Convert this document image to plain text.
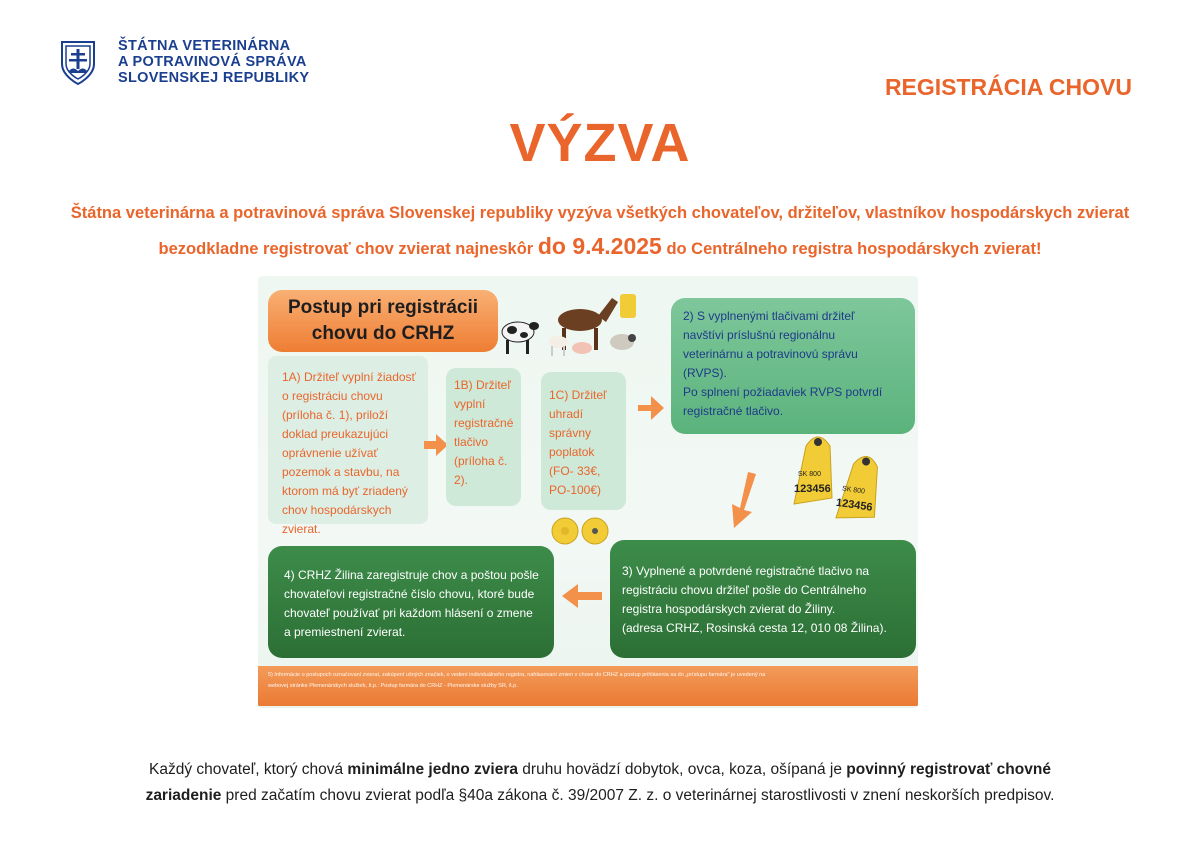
ŠTÁTNA VETERINÁRNA
A POTRAVINOVÁ SPRÁVA
SLOVENSKEJ REPUBLIKY	REGISTRÁCIA CHOVU
VÝZVA
Štátna veterinárna a potravinová správa Slovenskej republiky vyzýva všetkých chovateľov, držiteľov, vlastníkov hospodárskych zvierat
bezodkladne registrovať chov zvierat najneskôr do 9.4.2025 do Centrálneho registra hospodárskych zvierat!
Postup pri registrácii
chovu do CRHZ
1A) Držiteľ vyplní žiadosť
o registráciu chovu
(príloha č. 1), priloží
doklad preukazujúci
oprávnenie užívať
pozemok a stavbu, na
ktorom má byť zriadený
chov hospodárskych
zvierat.
1B) Držiteľ
vyplní
registračné
tlačivo
(príloha č.
2).
1C) Držiteľ
uhradí
správny
poplatok
(FO- 33€,
PO-100€)
2) S vyplnenými tlačivami držiteľ
navštívi príslušnú regionálnu
veterinárnu a potravinovú správu
(RVPS).
Po splnení požiadaviek RVPS potvrdí
registračné tlačivo.
SK 800
123456 SK 800
123456
3) Vyplnené a potvrdené registračné tlačivo na
registráciu chovu držiteľ pošle do Centrálneho
registra hospodárskych zvierat do Žiliny.
(adresa CRHZ, Rosinská cesta 12, 010 08 Žilina).
4) CRHZ Žilina zaregistruje chov a poštou pošle
chovateľovi registračné číslo chovu, ktoré bude
chovateľ používať pri každom hlásení o zmene
a premiestnení zvierat.
5) Informácie o postupoch označovaní zvierat, zakúpení ušných značiek, o vedení individuálneho registra, nahlasovaní zmien v chove do CRHZ a postup prihlásenia sa do „prístupu farmára" je uvedený na
webovej stránke Plemenárskych služieb, š.p.: Postup farmára do CRHZ - Plemenárske služby SR, š.p.
Každý chovateľ, ktorý chová minimálne jedno zviera druhu hovädzí dobytok, ovca, koza, ošípaná je povinný registrovať chovné
zariadenie pred začatím chovu zvierat podľa §40a zákona č. 39/2007 Z. z. o veterinárnej starostlivosti v znení neskorších predpisov.
